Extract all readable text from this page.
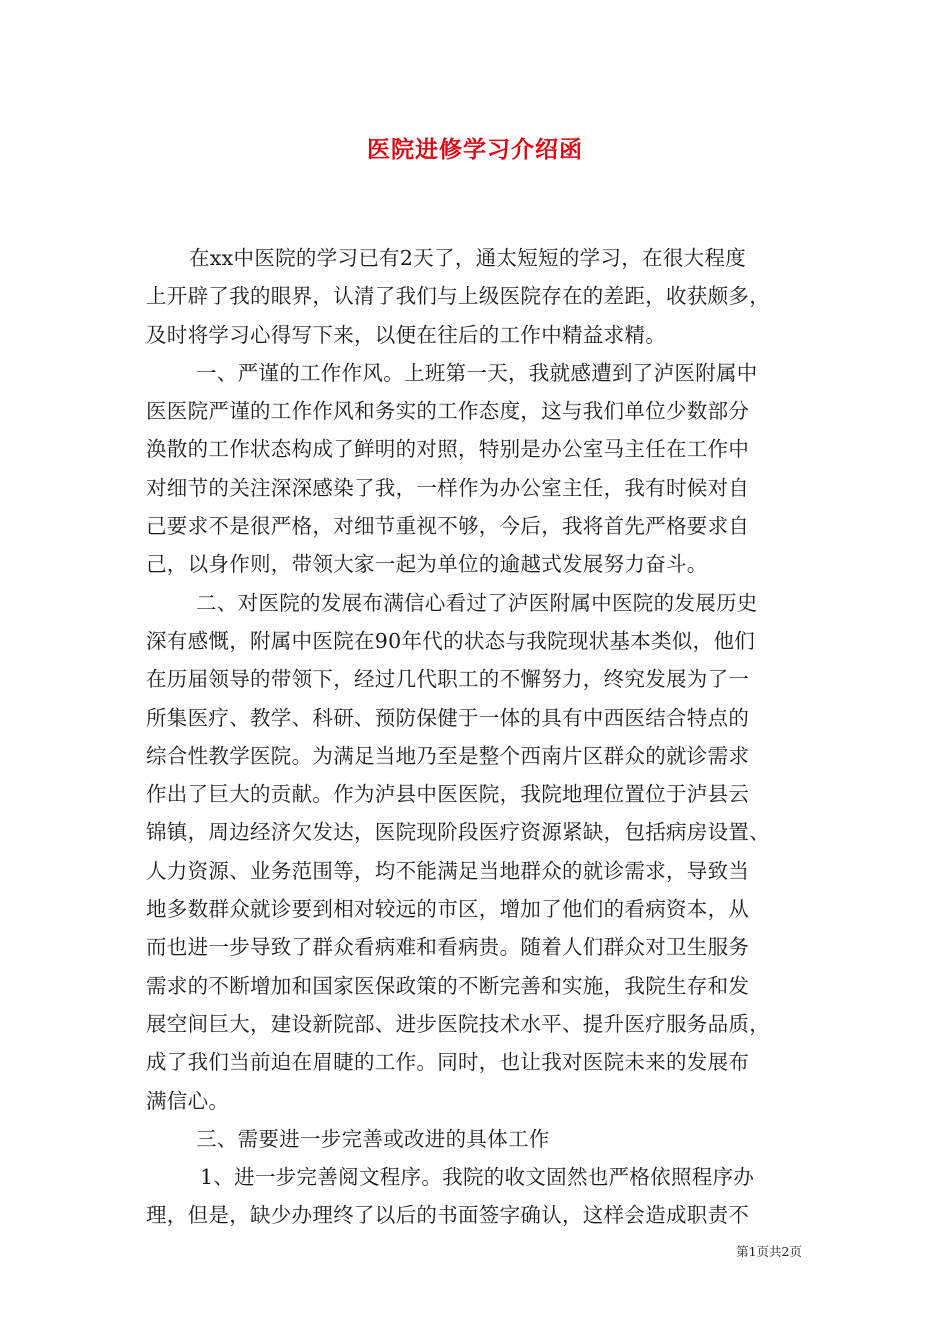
医院进修学习介绍函
在xx中医院的学习已有2天了，通太短短的学习，在很大程度
上开辟了我的眼界，认清了我们与上级医院存在的差距，收获颇多，
及时将学习心得写下来，以便在往后的工作中精益求精。
一、严谨的工作作风。上班第一天，我就感遭到了泸医附属中
医医院严谨的工作作风和务实的工作态度，这与我们单位少数部分
涣散的工作状态构成了鲜明的对照，特别是办公室马主任在工作中
对细节的关注深深感染了我，一样作为办公室主任，我有时候对自
己要求不是很严格，对细节重视不够，今后，我将首先严格要求自
己，以身作则，带领大家一起为单位的逾越式发展努力奋斗。
二、对医院的发展布满信心看过了泸医附属中医院的发展历史
深有感慨，附属中医院在90年代的状态与我院现状基本类似，他们
在历届领导的带领下，经过几代职工的不懈努力，终究发展为了一
所集医疗、教学、科研、预防保健于一体的具有中西医结合特点的
综合性教学医院。为满足当地乃至是整个西南片区群众的就诊需求
作出了巨大的贡献。作为泸县中医医院，我院地理位置位于泸县云
锦镇，周边经济欠发达，医院现阶段医疗资源紧缺，包括病房设置、
人力资源、业务范围等，均不能满足当地群众的就诊需求，导致当
地多数群众就诊要到相对较远的市区，增加了他们的看病资本，从
而也进一步导致了群众看病难和看病贵。随着人们群众对卫生服务
需求的不断增加和国家医保政策的不断完善和实施，我院生存和发
展空间巨大，建设新院部、进步医院技术水平、提升医疗服务品质，
成了我们当前迫在眉睫的工作。同时，也让我对医院未来的发展布
满信心。
三、需要进一步完善或改进的具体工作
1、进一步完善阅文程序。我院的收文固然也严格依照程序办
理，但是，缺少办理终了以后的书面签字确认，这样会造成职责不
第1页共2页
